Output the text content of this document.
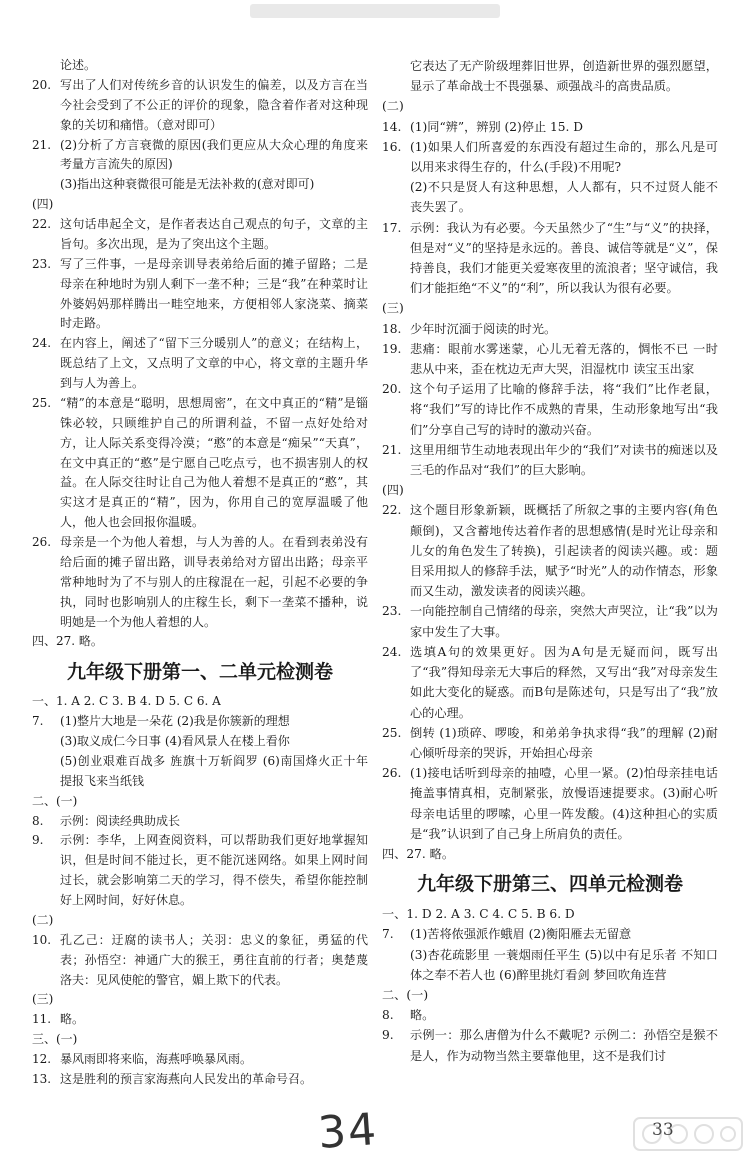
论述。
20. 写出了人们对传统乡音的认识发生的偏差，以及方言在当今社会受到了不公正的评价的现象，隐含着作者对这种现象的关切和痛惜。（意对即可）
21. (2)分析了方言衰微的原因(我们更应从大众心理的角度来考量方言流失的原因)
(3)指出这种衰微很可能是无法补救的(意对即可)
(四)
22. 这句话串起全文，是作者表达自己观点的句子，文章的主旨句。多次出现，是为了突出这个主题。
23. 写了三件事，一是母亲训导表弟给后面的摊子留路；二是母亲在种地时为别人剩下一垄不种；三是“我”在种菜时让外婆妈妈那样腾出一畦空地来，方便相邻人家浇菜、摘菜时走路。
24. 在内容上，阐述了“留下三分暖别人”的意义；在结构上，既总结了上文，又点明了文章的中心，将文章的主题升华到与人为善上。
25. “精”的本意是“聪明，思想周密”，在文中真正的“精”是锱铢必较，只顾维护自己的所谓利益，不留一点好处给对方，让人际关系变得冷漠；“憨”的本意是“痴呆”“天真”，在文中真正的“憨”是宁愿自己吃点亏，也不损害别人的权益。在人际交往时让自己为他人着想不是真正的“憨”，其实这才是真正的“精”，因为，你用自己的宽厚温暖了他人，他人也会回报你温暖。
26. 母亲是一个为他人着想，与人为善的人。在看到表弟没有给后面的摊子留出路，训导表弟给对方留出出路；母亲平常种地时为了不与别人的庄稼混在一起，引起不必要的争执，同时也影响别人的庄稼生长，剩下一垄菜不播种，说明她是一个为他人着想的人。
四、27. 略。
九年级下册第一、二单元检测卷
一、1. A 2. C 3. B 4. D 5. C 6. A
7.	(1)整片大地是一朵花 (2)我是你簇新的理想
(3)取义成仁今日事 (4)看风景人在楼上看你
(5)创业艰难百战多 旌旗十万斩阎罗 (6)南国烽火正十年 提报飞来当纸钱
二、(一)
8.	示例：阅读经典助成长
9.	示例：李华，上网查阅资料，可以帮助我们更好地掌握知识，但是时间不能过长，更不能沉迷网络。如果上网时间过长，就会影响第二天的学习，得不偿失，希望你能控制好上网时间，好好休息。
(二)
10. 孔乙己：迂腐的读书人；关羽：忠义的象征，勇猛的代表；孙悟空：神通广大的猴王，勇往直前的行者；奥楚蔑洛夫：见风使舵的警官，媚上欺下的代表。
(三)
11. 略。
三、(一)
12. 暴风雨即将来临，海燕呼唤暴风雨。
13. 这是胜利的预言家海燕向人民发出的革命号召。
它表达了无产阶级埋葬旧世界，创造新世界的强烈愿望，显示了革命战士不畏强暴、顽强战斗的高贵品质。
(二)
14. (1)同“辨”，辨别 (2)停止 15. D
16. (1)如果人们所喜爱的东西没有超过生命的，那么凡是可以用来求得生存的，什么(手段)不用呢?
(2)不只是贤人有这种思想，人人都有，只不过贤人能不丧失罢了。
17. 示例：我认为有必要。今天虽然少了“生”与“义”的抉择，但是对“义”的坚持是永远的。善良、诚信等就是“义”，保持善良，我们才能更关爱寒夜里的流浪者；坚守诚信，我们才能拒绝“不义”的“利”，所以我认为很有必要。
(三)
18. 少年时沉湎于阅读的时光。
19. 悲痛：眼前水雾迷蒙，心儿无着无落的，惆怅不已 一时悲从中来，歪在枕边无声大哭，泪湿枕巾 读宝玉出家
20. 这个句子运用了比喻的修辞手法，将“我们”比作老鼠，将“我们”写的诗比作不成熟的青果，生动形象地写出“我们”分享自己写的诗时的激动兴奋。
21. 这里用细节生动地表现出年少的“我们”对读书的痴迷以及三毛的作品对“我们”的巨大影响。
(四)
22. 这个题目形象新颖，既概括了所叙之事的主要内容(角色颠倒)，又含蓄地传达着作者的思想感情(是时光让母亲和儿女的角色发生了转换)，引起读者的阅读兴趣。或：题目采用拟人的修辞手法，赋予“时光”人的动作情态，形象而又生动，激发读者的阅读兴趣。
23. 一向能控制自己情绪的母亲，突然大声哭泣，让“我”以为家中发生了大事。
24. 选填A句的效果更好。因为A句是无疑而问，既写出了“我”得知母亲无大事后的释然，又写出“我”对母亲发生如此大变化的疑惑。而B句是陈述句，只是写出了“我”放心的心理。
25. 倒转 (1)琐碎、啰唆，和弟弟争执求得“我”的理解 (2)耐心倾听母亲的哭诉，开始担心母亲
26. (1)接电话听到母亲的抽噎，心里一紧。(2)怕母亲挂电话掩盖事情真相，克制紧张，放慢语速提要求。(3)耐心听母亲电话里的啰嗦，心里一阵发酸。(4)这种担心的实质是“我”认识到了自己身上所肩负的责任。
四、27. 略。
九年级下册第三、四单元检测卷
一、1. D 2. A 3. C 4. C 5. B 6. D
7.	(1)苦将侬强派作蛾眉 (2)衡阳雁去无留意
(3)杏花疏影里 一蓑烟雨任平生 (5)以中有足乐者 不知口体之奉不若人也 (6)醉里挑灯看剑 梦回吹角连营
二、(一)
8.	略。
9.	示例一：那么唐僧为什么不戴呢? 示例二：孙悟空是猴不是人，作为动物当然主要靠他里，这不是我们讨
34	33
